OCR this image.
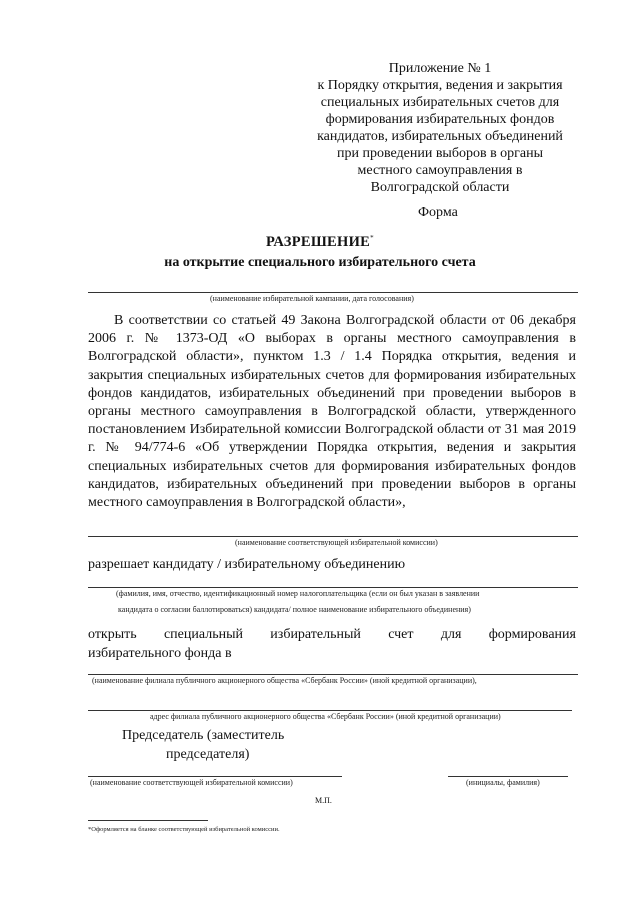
Приложение № 1
к Порядку открытия, ведения и закрытия
специальных избирательных счетов для
формирования избирательных фондов
кандидатов, избирательных объединений
при проведении выборов в органы
местного самоуправления в
Волгоградской области
Форма
РАЗРЕШЕНИЕ*
на открытие специального избирательного счета
(наименование избирательной кампании, дата голосования)
В соответствии со статьей 49 Закона Волгоградской области от 06 декабря 2006 г. № 1373-ОД «О выборах в органы местного самоуправления в Волгоградской области», пунктом 1.3 / 1.4 Порядка открытия, ведения и закрытия специальных избирательных счетов для формирования избирательных фондов кандидатов, избирательных объединений при проведении выборов в органы местного самоуправления в Волгоградской области, утвержденного постановлением Избирательной комиссии Волгоградской области от 31 мая 2019 г. № 94/774-6 «Об утверждении Порядка открытия, ведения и закрытия специальных избирательных счетов для формирования избирательных фондов кандидатов, избирательных объединений при проведении выборов в органы местного самоуправления в Волгоградской области»,
(наименование соответствующей избирательной комиссии)
разрешает кандидату / избирательному объединению
(фамилия, имя, отчество, идентификационный номер налогоплательщика (если он был указан в заявлении
кандидата о согласии баллотироваться) кандидата/ полное наименование избирательного объединения)
открыть специальный избирательный счет для формирования
избирательного фонда в
(наименование филиала публичного акционерного общества «Сбербанк России» (иной кредитной организации),
адрес филиала публичного акционерного общества «Сбербанк России» (иной кредитной организации)
Председатель (заместитель
председателя)
(наименование соответствующей избирательной комиссии)	(инициалы, фамилия)
М.П.
*Оформляется на бланке соответствующей избирательной комиссии.
